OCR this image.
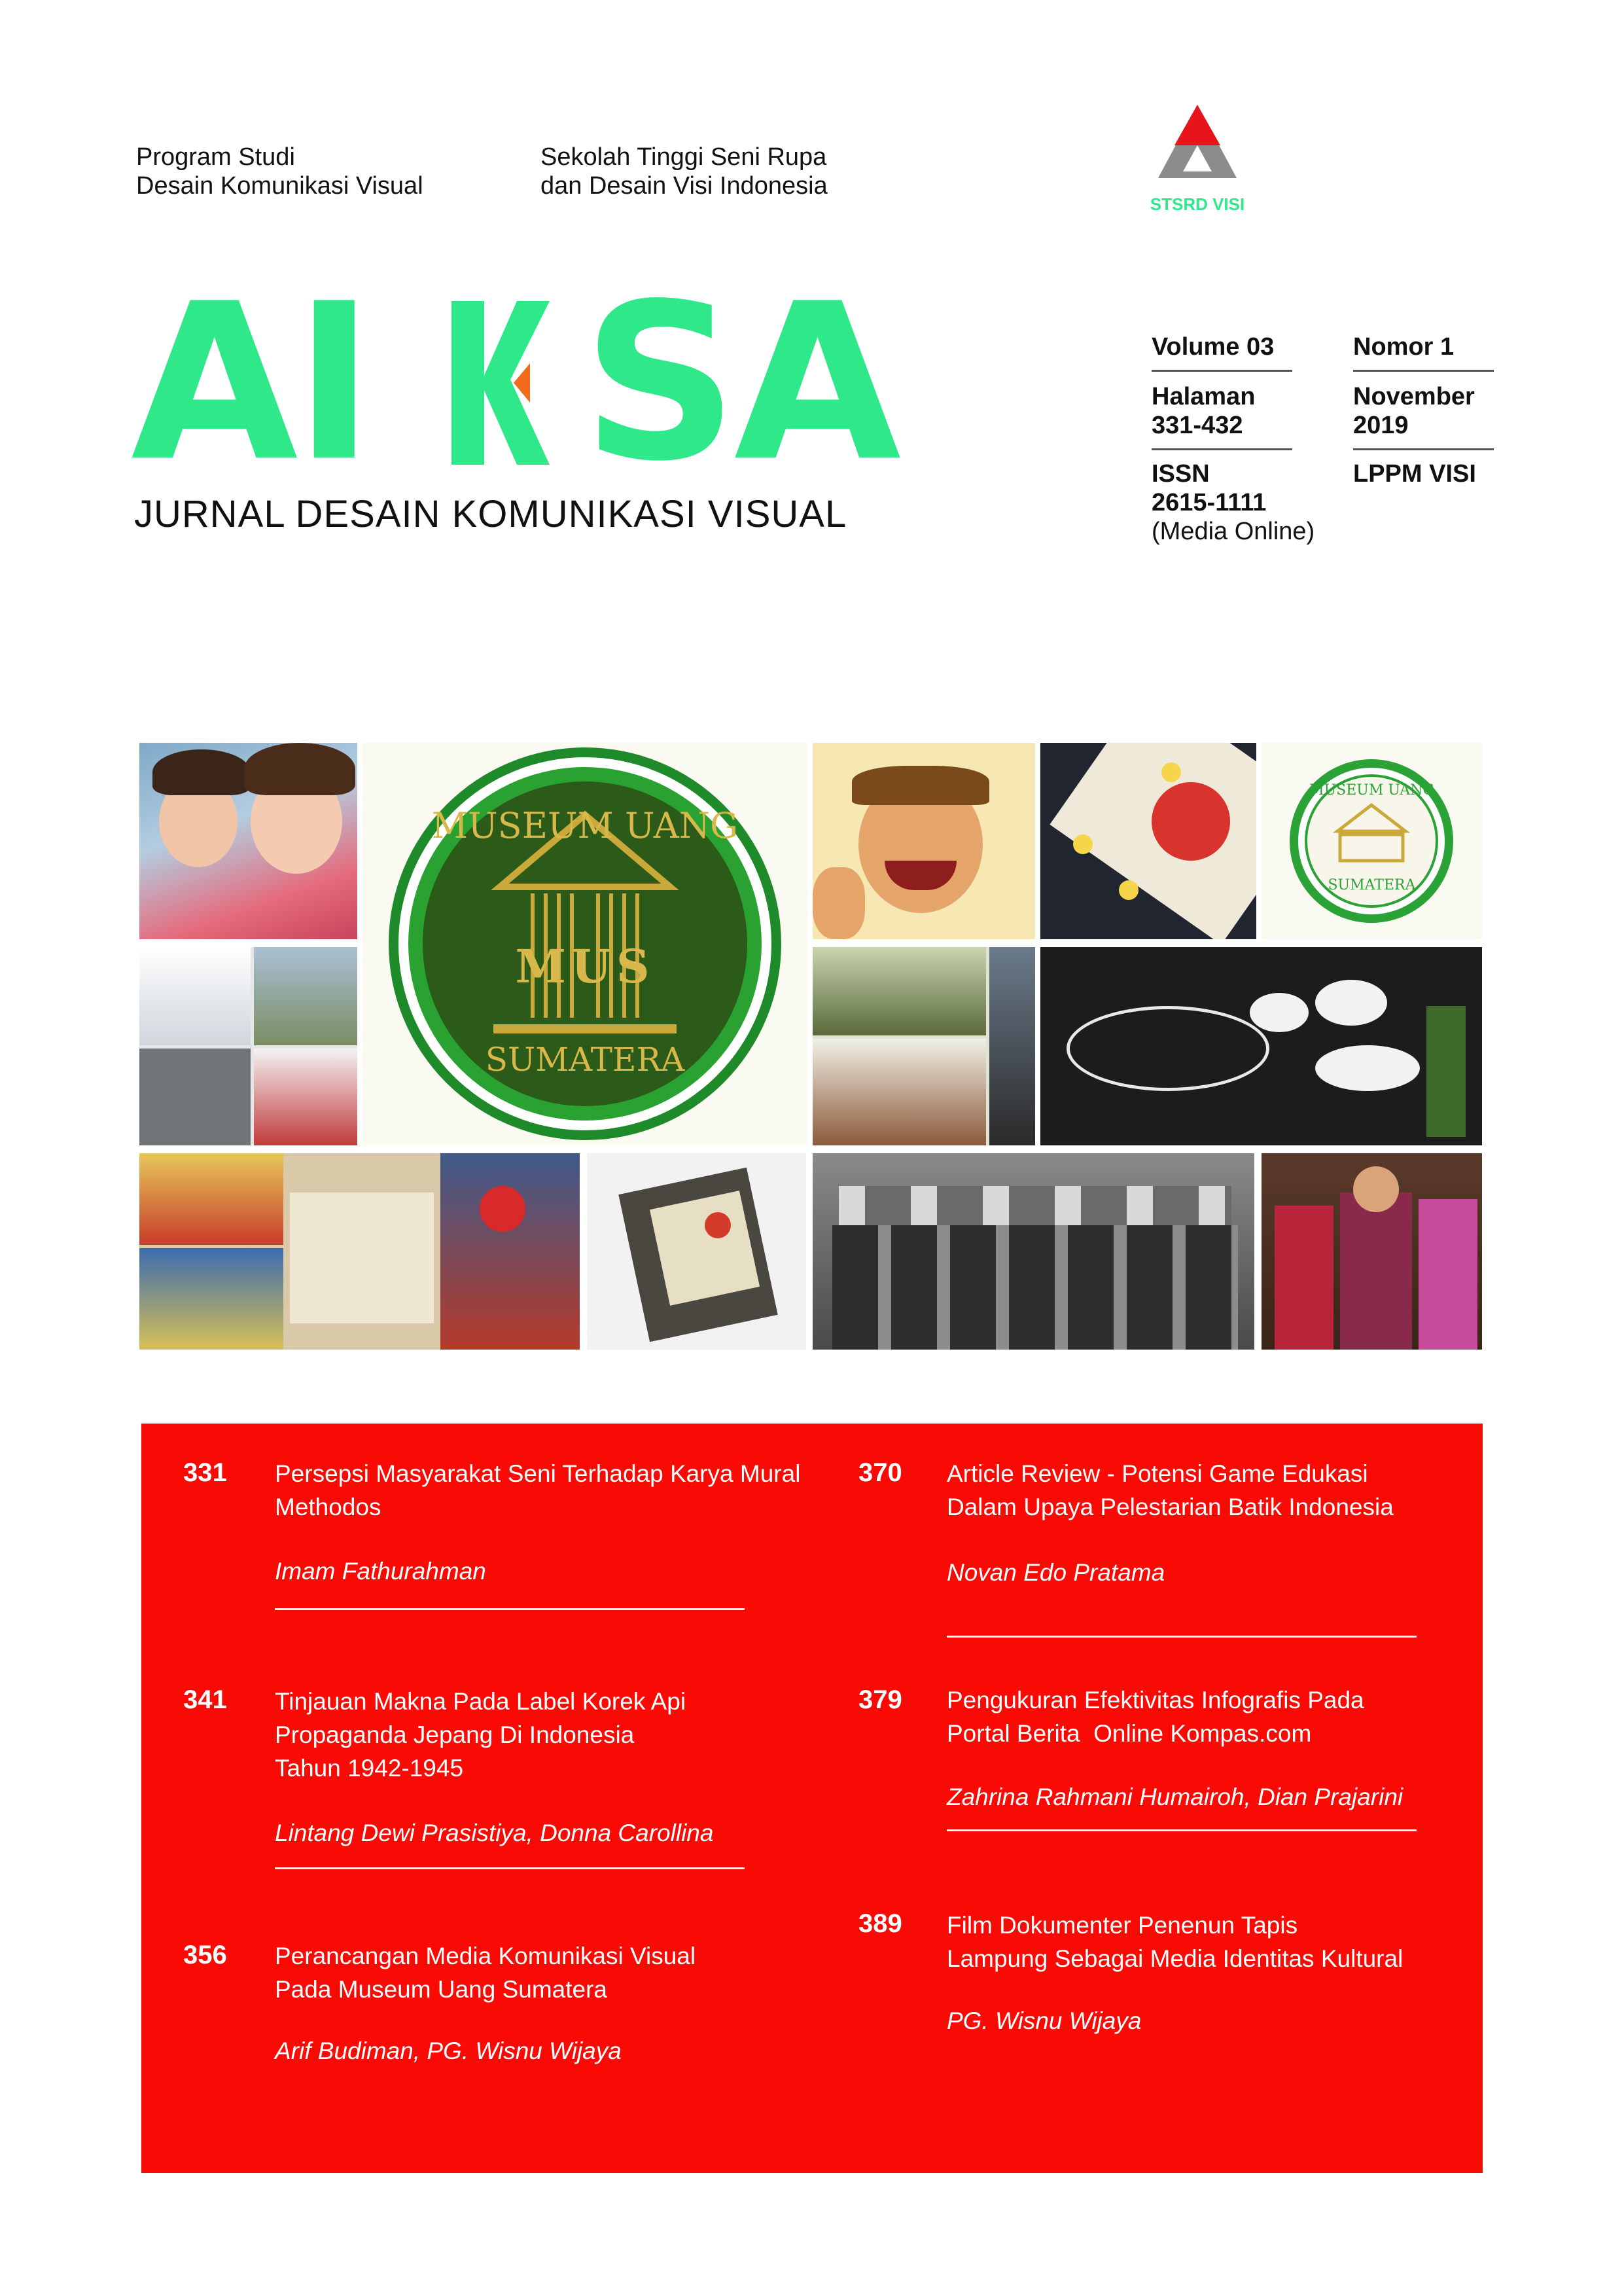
Program Studi
Desain Komunikasi Visual
Sekolah Tinggi Seni Rupa
dan Desain Visi Indonesia
STSRD VISI
AI SA
JURNAL DESAIN KOMUNIKASI VISUAL
Volume 03	Nomor 1
Halaman
331-432
November
2019
ISSN
2615-1111
(Media Online)
LPPM VISI
MUSEUM UANG
MUS
SUMATERA
MUSEUM UANG
SUMATERA
331 Persepsi Masyarakat Seni Terhadap Karya Mural
Methodos
Imam Fathurahman
341 Tinjauan Makna Pada Label Korek Api
Propaganda Jepang Di Indonesia
Tahun 1942-1945
Lintang Dewi Prasistiya, Donna Carollina
356 Perancangan Media Komunikasi Visual
Pada Museum Uang Sumatera
Arif Budiman, PG. Wisnu Wijaya
370 Article Review - Potensi Game Edukasi
Dalam Upaya Pelestarian Batik Indonesia
Novan Edo Pratama
379 Pengukuran Efektivitas Infografis Pada
Portal Berita  Online Kompas.com
Zahrina Rahmani Humairoh, Dian Prajarini
389 Film Dokumenter Penenun Tapis
Lampung Sebagai Media Identitas Kultural
PG. Wisnu Wijaya
